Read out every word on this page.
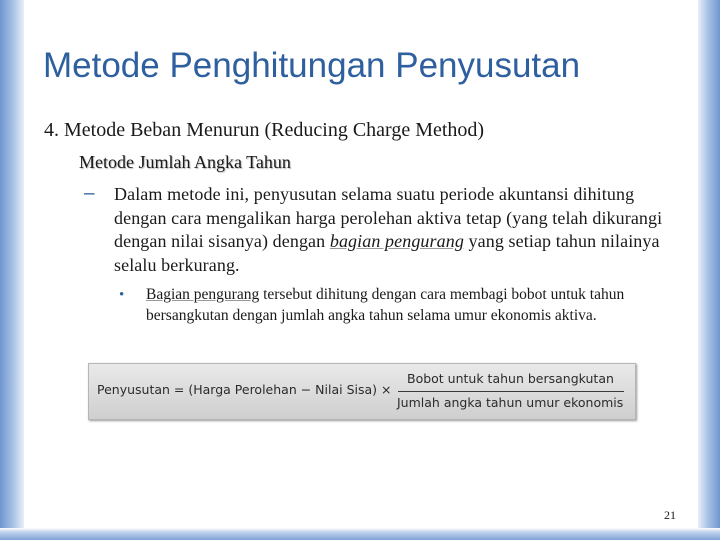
Metode Penghitungan Penyusutan
4. Metode Beban Menurun (Reducing Charge Method)
Metode Jumlah Angka Tahun
– Dalam metode ini, penyusutan selama suatu periode akuntansi dihitung dengan cara mengalikan harga perolehan aktiva tetap (yang telah dikurangi dengan nilai sisanya) dengan bagian pengurang yang setiap tahun nilainya selalu berkurang.
• Bagian pengurang tersebut dihitung dengan cara membagi bobot untuk tahun bersangkutan dengan jumlah angka tahun selama umur ekonomis aktiva.
Penyusutan = (Harga Perolehan − Nilai Sisa) ×
Bobot untuk tahun bersangkutan
Jumlah angka tahun umur ekonomis
21
